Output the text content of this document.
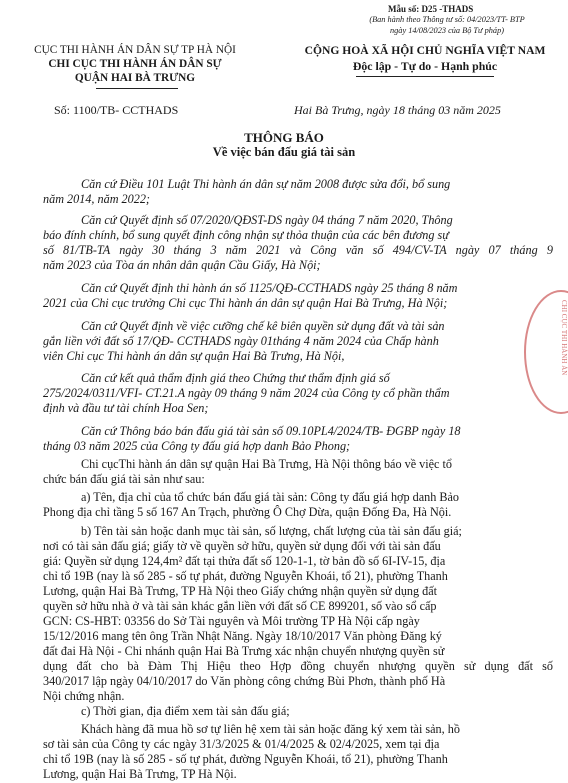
Mẫu số: D25 -THADS
(Ban hành theo Thông tư số: 04/2023/TT- BTP
ngày 14/08/2023 của Bộ Tư pháp)
CỤC THI HÀNH ÁN DÂN SỰ TP HÀ NỘI
CHI CỤC THI HÀNH ÁN DÂN SỰ
QUẬN HAI BÀ TRƯNG
CỘNG HOÀ XÃ HỘI CHỦ NGHĨA VIỆT NAM
Độc lập - Tự do - Hạnh phúc
Số: 1100/TB- CCTHADS	Hai Bà Trưng, ngày 18 tháng 03 năm 2025
THÔNG BÁO
Về việc bán đấu giá tài sản
CHI CỤC THI HÀNH ÁN
Căn cứ Điều 101 Luật Thi hành án dân sự năm 2008 được sửa đổi, bổ sung
năm 2014, năm 2022;
Căn cứ Quyết định số 07/2020/QĐST-DS ngày 04 tháng 7 năm 2020, Thông
báo đính chính, bổ sung quyết định công nhận sự thỏa thuận của các bên đương sự
số 81/TB-TA ngày 30 tháng 3 năm 2021 và Công văn số 494/CV-TA ngày 07 tháng 9
năm 2023 của Tòa án nhân dân quận Cầu Giấy, Hà Nội;
Căn cứ Quyết định thi hành án số 1125/QĐ-CCTHADS ngày 25 tháng 8 năm
2021 của Chi cục trưởng Chi cục Thi hành án dân sự quận Hai Bà Trưng, Hà Nội;
Căn cứ Quyết định về việc cưỡng chế kê biên quyền sử dụng đất và tài sản
gắn liền với đất số 17/QĐ- CCTHADS ngày 01tháng 4 năm 2024 của Chấp hành
viên Chi cục Thi hành án dân sự quận Hai Bà Trưng, Hà Nội,
Căn cứ kết quả thẩm định giá theo Chứng thư thẩm định giá số
275/2024/0311/VFI- CT.21.A ngày 09 tháng 9 năm 2024 của Công ty cổ phần thẩm
định và đầu tư tài chính Hoa Sen;
Căn cứ Thông báo bán đấu giá tài sản số 09.10PL4/2024/TB- ĐGBP ngày 18
tháng 03 năm 2025 của Công ty đấu giá hợp danh Bảo Phong;
Chi cụcThi hành án dân sự quận Hai Bà Trưng, Hà Nội thông báo về việc tổ
chức bán đấu giá tài sản như sau:
a) Tên, địa chỉ của tổ chức bán đấu giá tài sản: Công ty đấu giá hợp danh Bảo
Phong địa chỉ tầng 5 số 167 An Trạch, phường Ô Chợ Dừa, quận Đống Đa, Hà Nội.
b) Tên tài sản hoặc danh mục tài sản, số lượng, chất lượng của tài sản đấu giá;
nơi có tài sản đấu giá; giấy tờ về quyền sở hữu, quyền sử dụng đối với tài sản đấu
giá: Quyền sử dụng 124,4m² đất tại thửa đất số 120-1-1, tờ bản đồ số 6I-IV-15, địa
chỉ tổ 19B (nay là số 285 - số tự phát, đường Nguyễn Khoái, tổ 21), phường Thanh
Lương, quận Hai Bà Trưng, TP Hà Nội theo Giấy chứng nhận quyền sử dụng đất
quyền sở hữu nhà ở và tài sản khác gắn liền với đất số CE 899201, số vào sổ cấp
GCN: CS-HBT: 03356 do Sở Tài nguyên và Môi trường TP Hà Nội cấp ngày
15/12/2016 mang tên ông Trần Nhật Năng. Ngày 18/10/2017 Văn phòng Đăng ký
đất đai Hà Nội - Chi nhánh quận Hai Bà Trưng xác nhận chuyển nhượng quyền sử
dụng đất cho bà Đàm Thị Hiệu theo Hợp đồng chuyển nhượng quyền sử dụng đất số
340/2017 lập ngày 04/10/2017 do Văn phòng công chứng Bùi Phơn, thành phố Hà
Nội chứng nhận.
c) Thời gian, địa điểm xem tài sản đấu giá;
Khách hàng đã mua hồ sơ tự liên hệ xem tài sản hoặc đăng ký xem tài sản, hồ
sơ tài sản của Công ty các ngày 31/3/2025 & 01/4/2025 & 02/4/2025, xem tại địa
chỉ tổ 19B (nay là số 285 - số tự phát, đường Nguyễn Khoái, tổ 21), phường Thanh
Lương, quận Hai Bà Trưng, TP Hà Nội.
